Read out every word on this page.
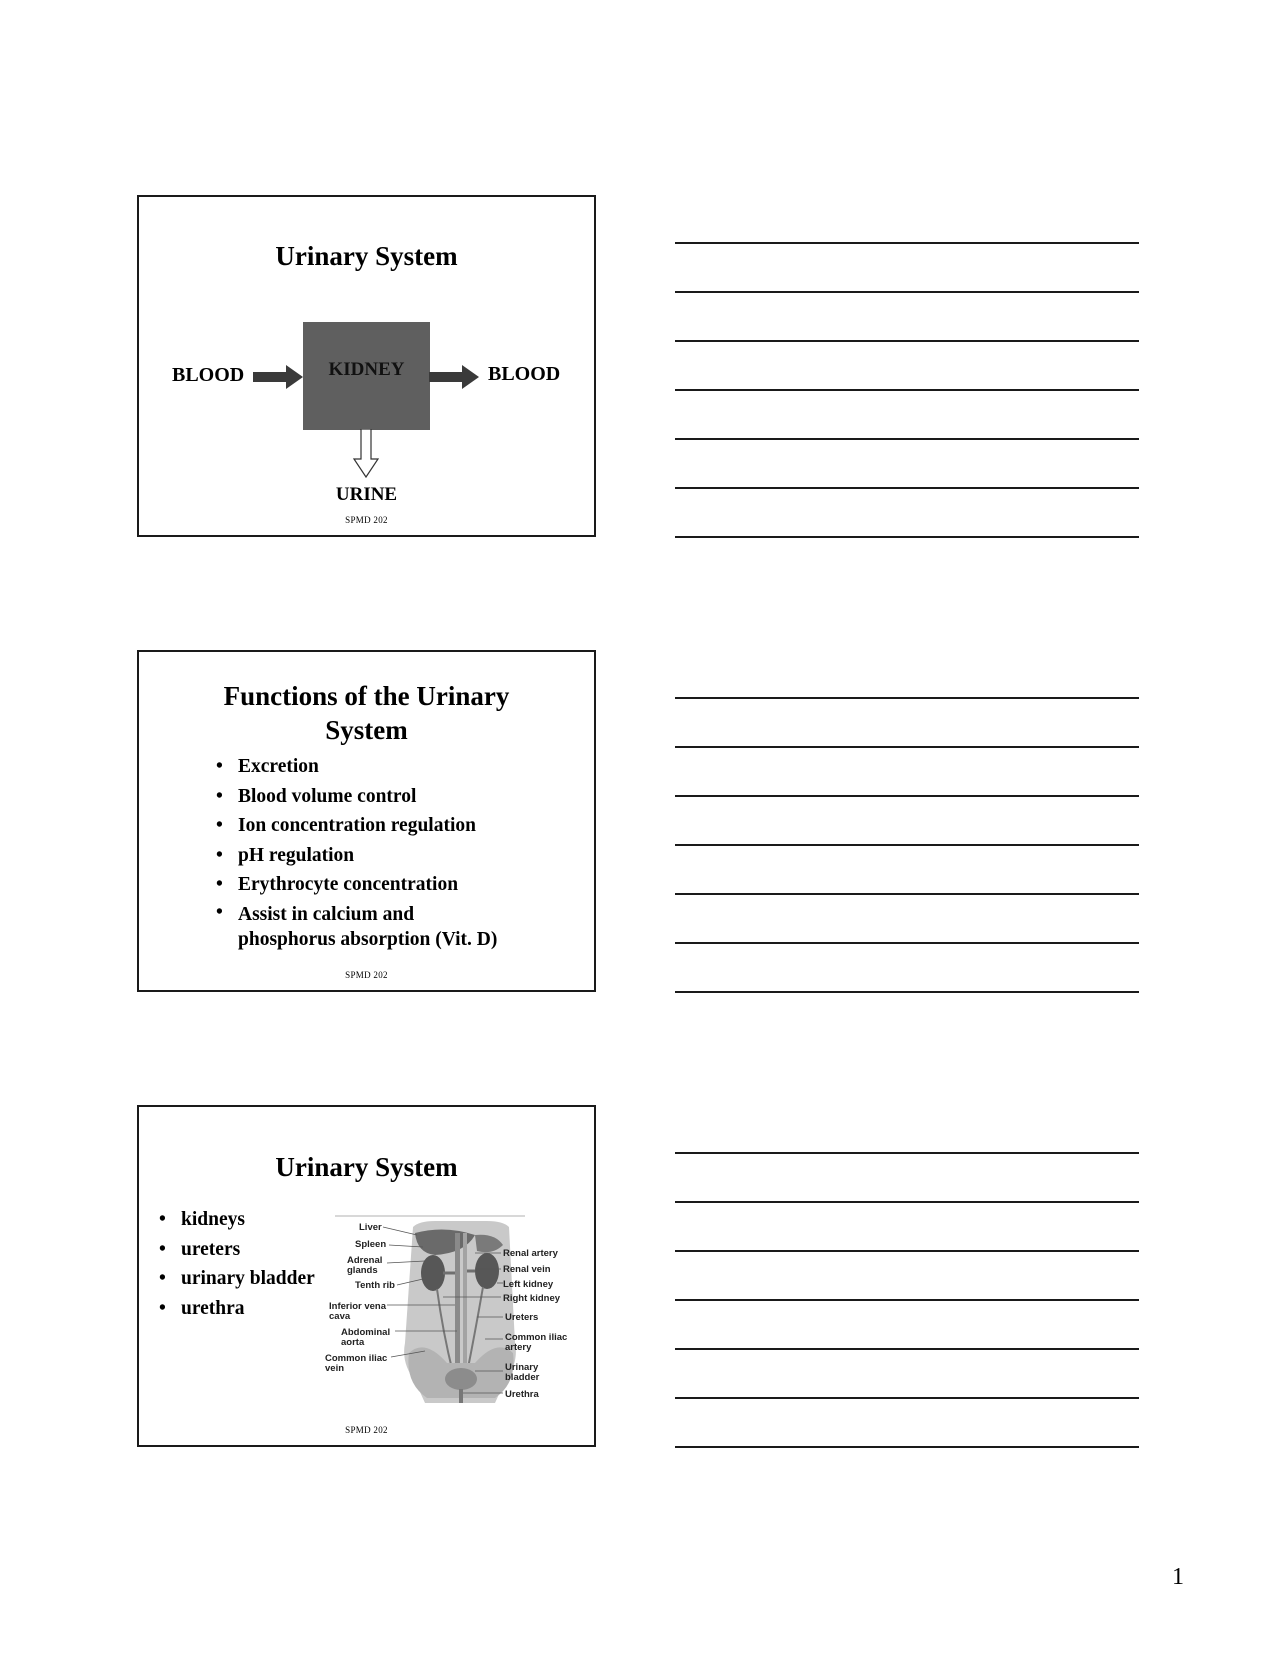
Urinary System
BLOOD	KIDNEY	BLOOD
URINE
SPMD 202
Functions of the Urinary
System
• Excretion
• Blood volume control
• Ion concentration regulation
• pH regulation
• Erythrocyte concentration
• Assist in calcium and
phosphorus absorption (Vit. D)
SPMD 202
Urinary System
• kidneys
• ureters
• urinary bladder
• urethra
Liver
Spleen
Adrenal
glands
Tenth rib
Inferior vena
cava
Abdominal
aorta
Common iliac
vein
Renal artery
Renal vein
Left kidney
Right kidney
Ureters
Common iliac
artery
Urinary
bladder
Urethra
SPMD 202
1
